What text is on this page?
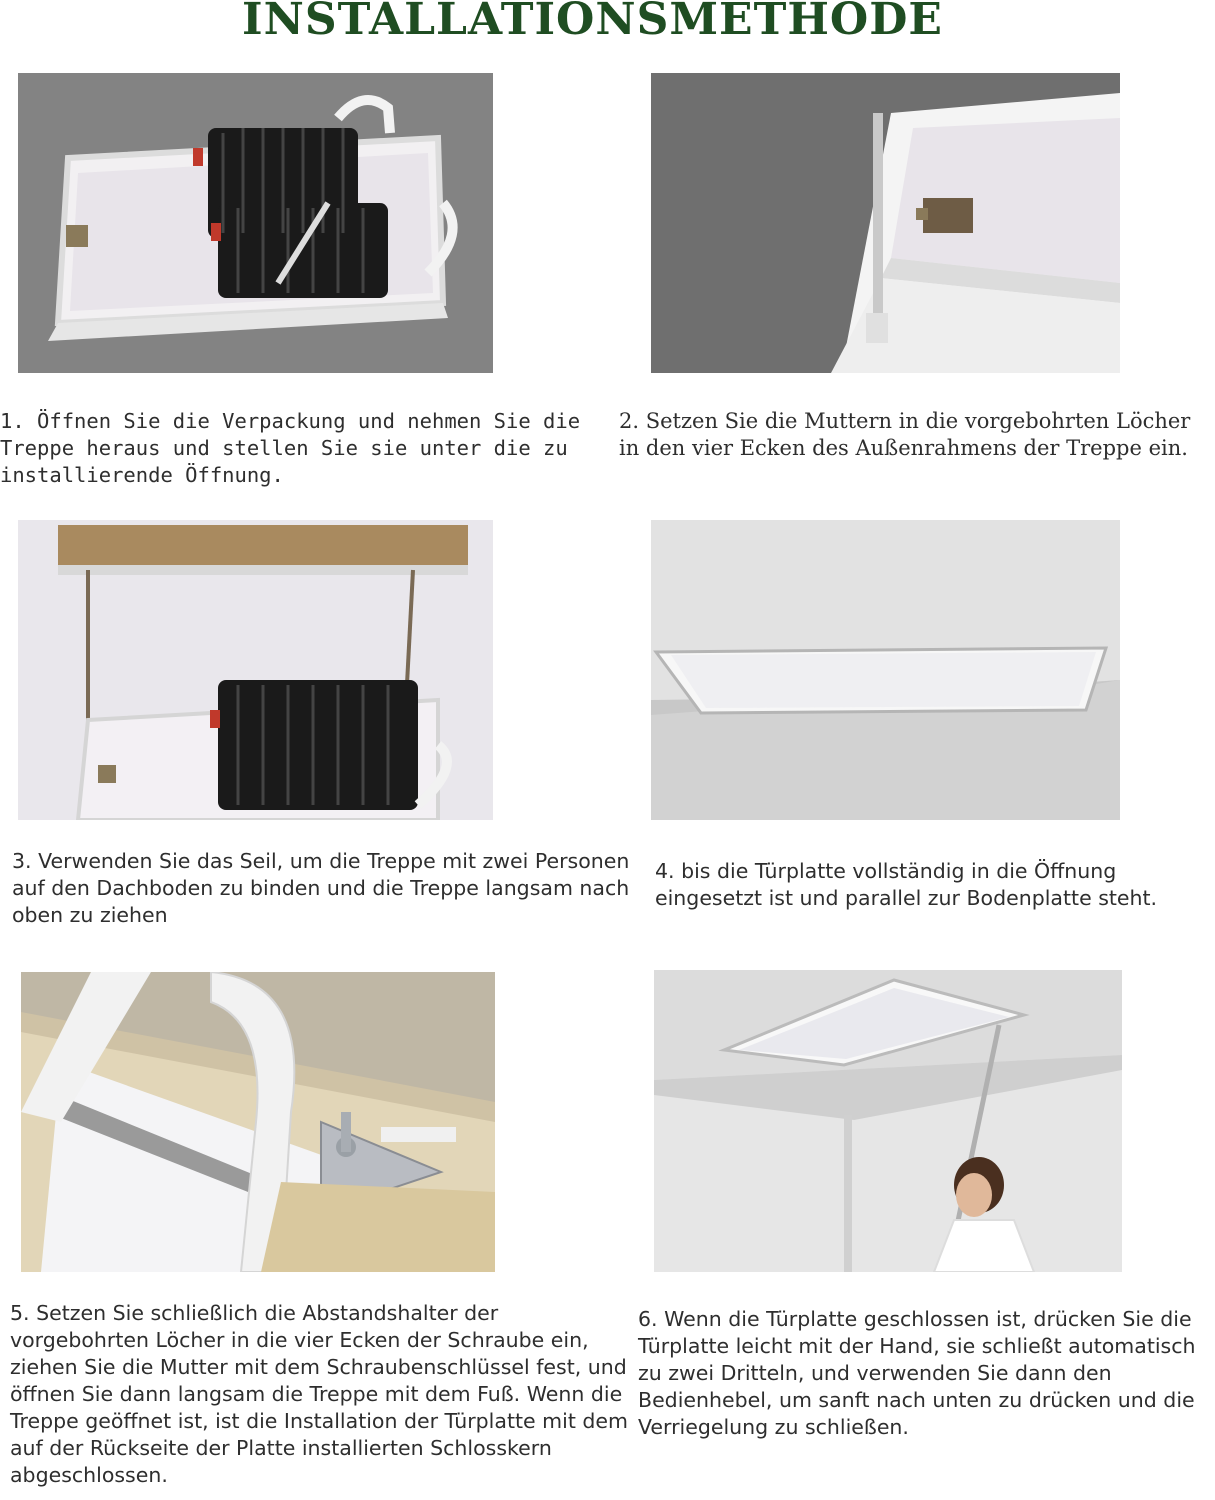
INSTALLATIONSMETHODE

1. Öffnen Sie die Verpackung und nehmen Sie die Treppe heraus und stellen Sie sie unter die zu installierende Öffnung.

2. Setzen Sie die Muttern in die vorgebohrten Löcher in den vier Ecken des Außenrahmens der Treppe ein.

3. Verwenden Sie das Seil, um die Treppe mit zwei Personen auf den Dachboden zu binden und die Treppe langsam nach oben zu ziehen

4. bis die Türplatte vollständig in die Öffnung eingesetzt ist und parallel zur Bodenplatte steht.

5. Setzen Sie schließlich die Abstandshalter der vorgebohrten Löcher in die vier Ecken der Schraube ein, ziehen Sie die Mutter mit dem Schraubenschlüssel fest, und öffnen Sie dann langsam die Treppe mit dem Fuß. Wenn die Treppe geöffnet ist, ist die Installation der Türplatte mit dem auf der Rückseite der Platte installierten Schlosskern abgeschlossen.

6. Wenn die Türplatte geschlossen ist, drücken Sie die Türplatte leicht mit der Hand, sie schließt automatisch zu zwei Dritteln, und verwenden Sie dann den Bedienhebel, um sanft nach unten zu drücken und die Verriegelung zu schließen.
